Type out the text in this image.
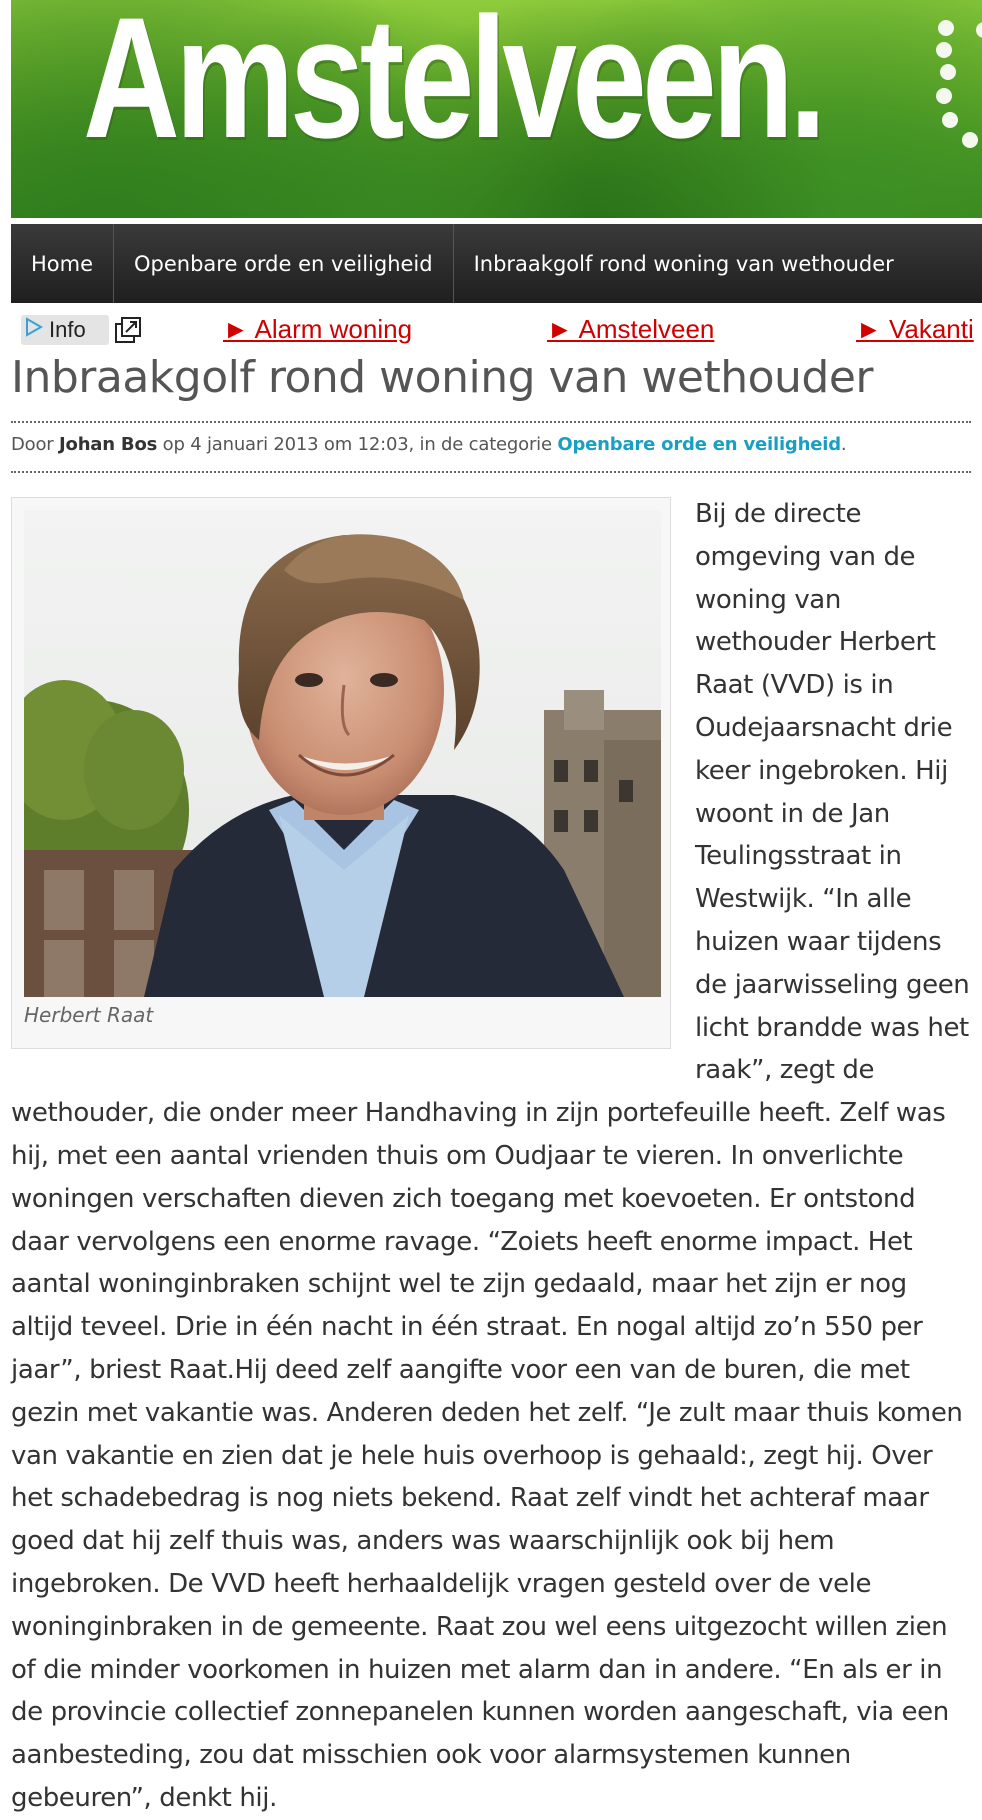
Amstelveen.
Home	Openbare orde en veiligheid	Inbraakgolf rond woning van wethouder
Info	► Alarm woning	► Amstelveen	► Vakanti
Inbraakgolf rond woning van wethouder
Door Johan Bos op 4 januari 2013 om 12:03, in de categorie Openbare orde en veiligheid.

Bij de directe omgeving van de woning van wethouder Herbert Raat (VVD) is in Oudejaarsnacht drie keer ingebroken. Hij woont in de Jan Teulingsstraat in Westwijk. “In alle huizen waar tijdens de jaarwisseling geen licht brandde was het raak”, zegt de wethouder, die onder meer Handhaving in zijn portefeuille heeft. Zelf was hij, met een aantal vrienden thuis om Oudjaar te vieren. In onverlichte woningen verschaften dieven zich toegang met koevoeten. Er ontstond daar vervolgens een enorme ravage. “Zoiets heeft enorme impact. Het aantal woninginbraken schijnt wel te zijn gedaald, maar het zijn er nog altijd teveel. Drie in één nacht in één straat. En nogal altijd zo’n 550 per jaar”, briest Raat.Hij deed zelf aangifte voor een van de buren, die met gezin met vakantie was. Anderen deden het zelf. “Je zult maar thuis komen van vakantie en zien dat je hele huis overhoop is gehaald:, zegt hij. Over het schadebedrag is nog niets bekend. Raat zelf vindt het achteraf maar goed dat hij zelf thuis was, anders was waarschijnlijk ook bij hem ingebroken. De VVD heeft herhaaldelijk vragen gesteld over de vele woninginbraken in de gemeente. Raat zou wel eens uitgezocht willen zien of die minder voorkomen in huizen met alarm dan in andere. “En als er in de provincie collectief zonnepanelen kunnen worden aangeschaft, via een aanbesteding, zou dat misschien ook voor alarmsystemen kunnen gebeuren”, denkt hij.

Herbert Raat
